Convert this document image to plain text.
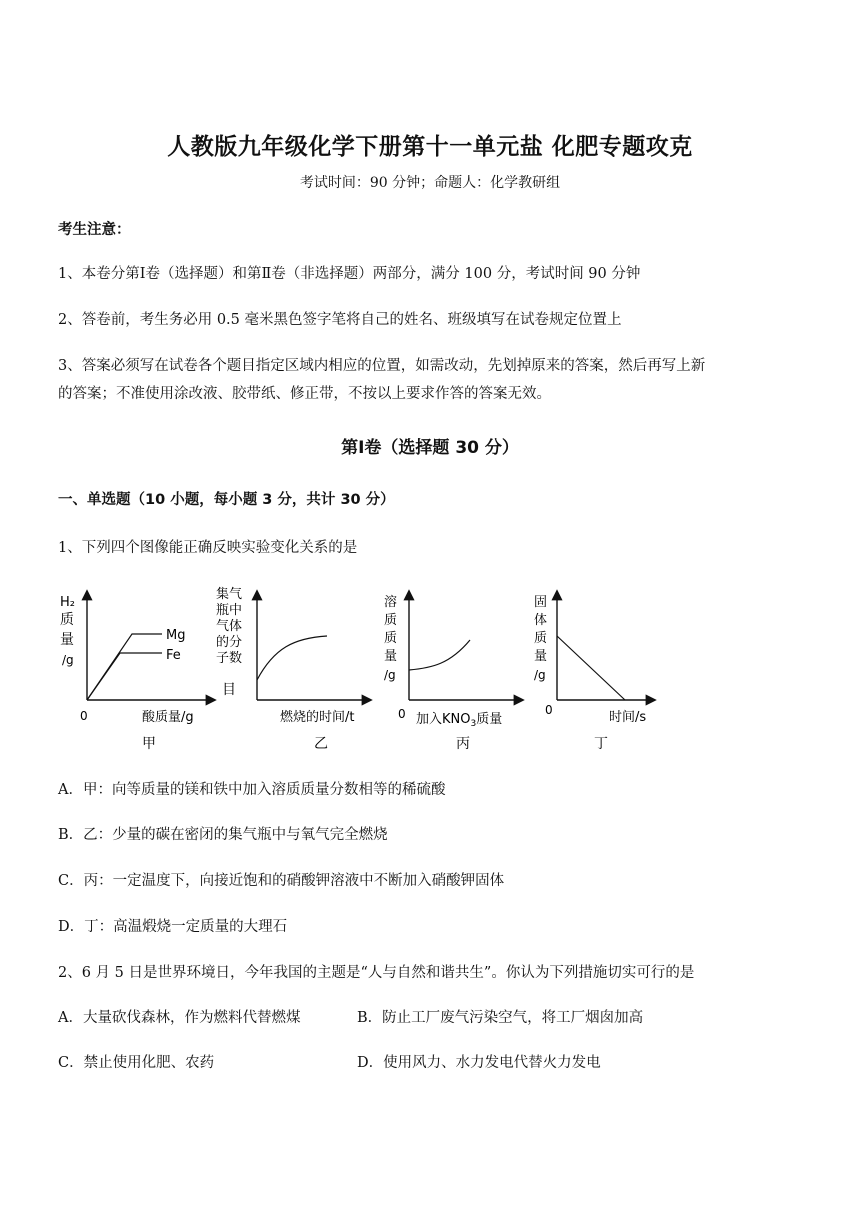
人教版九年级化学下册第十一单元盐 化肥专题攻克
考试时间：90 分钟；命题人：化学教研组
考生注意：
1、本卷分第Ⅰ卷（选择题）和第Ⅱ卷（非选择题）两部分，满分 100 分，考试时间 90 分钟
2、答卷前，考生务必用 0.5 毫米黑色签字笔将自己的姓名、班级填写在试卷规定位置上
3、答案必须写在试卷各个题目指定区域内相应的位置，如需改动，先划掉原来的答案，然后再写上新
的答案；不准使用涂改液、胶带纸、修正带，不按以上要求作答的答案无效。
第Ⅰ卷（选择题 30 分）
一、单选题（10 小题，每小题 3 分，共计 30 分）
1、下列四个图像能正确反映实验变化关系的是
H₂
质
量
/g
0	酸质量/g
Mg
Fe
甲
集气
瓶中
气体
的分
子数
目
燃烧的时间/t
乙
溶
质
质
量
/g
0 加入$KNO_3$质量
丙
固
体
质
量
/g
0	时间/s
丁
A．甲：向等质量的镁和铁中加入溶质质量分数相等的稀硫酸
B．乙：少量的碳在密闭的集气瓶中与氧气完全燃烧
C．丙：一定温度下，向接近饱和的硝酸钾溶液中不断加入硝酸钾固体
D．丁：高温煅烧一定质量的大理石
2、6 月 5 日是世界环境日，今年我国的主题是“人与自然和谐共生”。你认为下列措施切实可行的是
A．大量砍伐森林，作为燃料代替燃煤	B．防止工厂废气污染空气，将工厂烟囱加高
C．禁止使用化肥、农药	D．使用风力、水力发电代替火力发电
